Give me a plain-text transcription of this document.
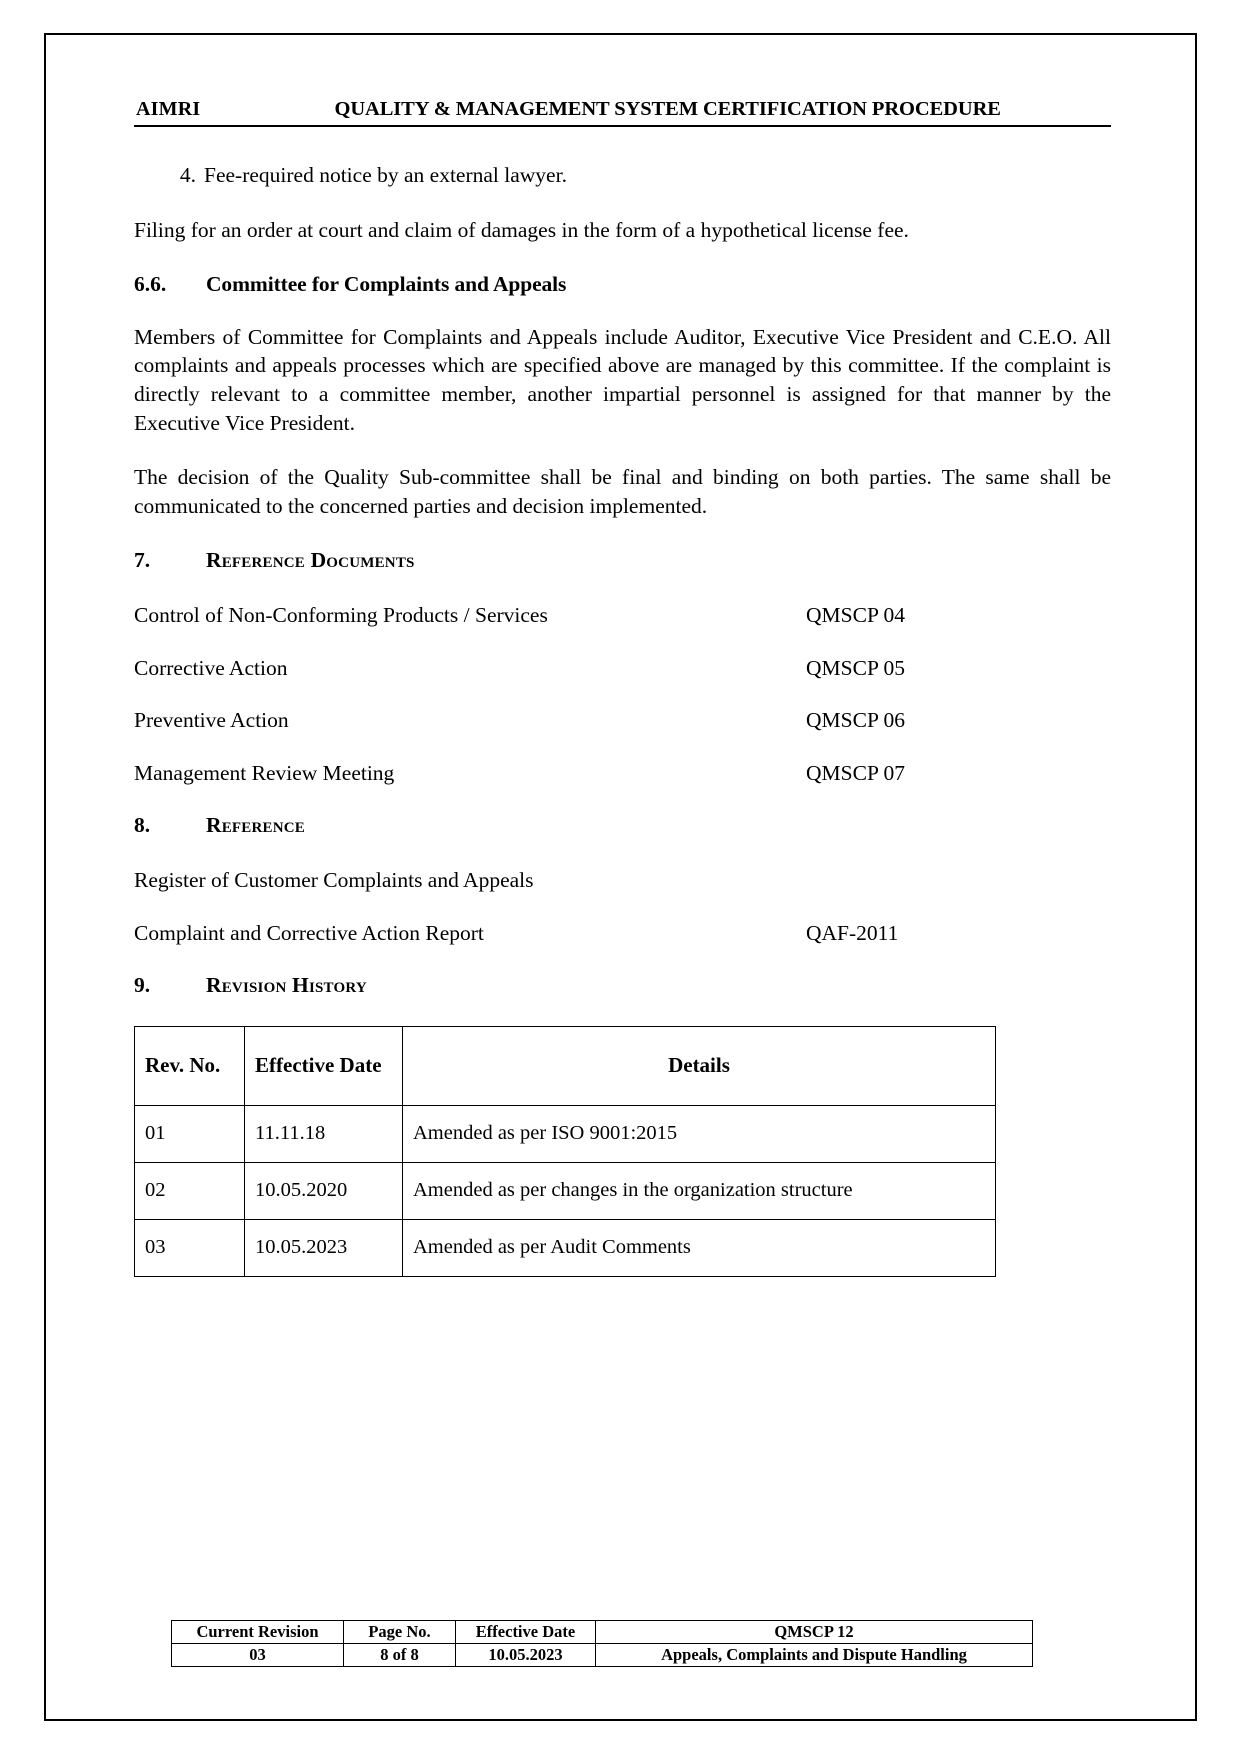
AIMRI	QUALITY & MANAGEMENT SYSTEM CERTIFICATION PROCEDURE
4. Fee-required notice by an external lawyer.

Filing for an order at court and claim of damages in the form of a hypothetical license fee.

6.6.	Committee for Complaints and Appeals

Members of Committee for Complaints and Appeals include Auditor, Executive Vice President and C.E.O. All complaints and appeals processes which are specified above are managed by this committee. If the complaint is directly relevant to a committee member, another impartial personnel is assigned for that manner by the Executive Vice President.

The decision of the Quality Sub-committee shall be final and binding on both parties. The same shall be communicated to the concerned parties and decision implemented.

7.	Reference Documents
Control of Non-Conforming Products / Services	QMSCP 04
Corrective Action	QMSCP 05
Preventive Action	QMSCP 06
Management Review Meeting	QMSCP 07
8.	Reference
Register of Customer Complaints and Appeals
Complaint and Corrective Action Report	QAF-2011
9.	Revision History
Rev. No.	Effective Date	Details
01	11.11.18	Amended as per ISO 9001:2015
02	10.05.2020	Amended as per changes in the organization structure
03	10.05.2023	Amended as per Audit Comments
Current Revision	Page No.	Effective Date	QMSCP 12
03	8 of 8	10.05.2023	Appeals, Complaints and Dispute Handling
